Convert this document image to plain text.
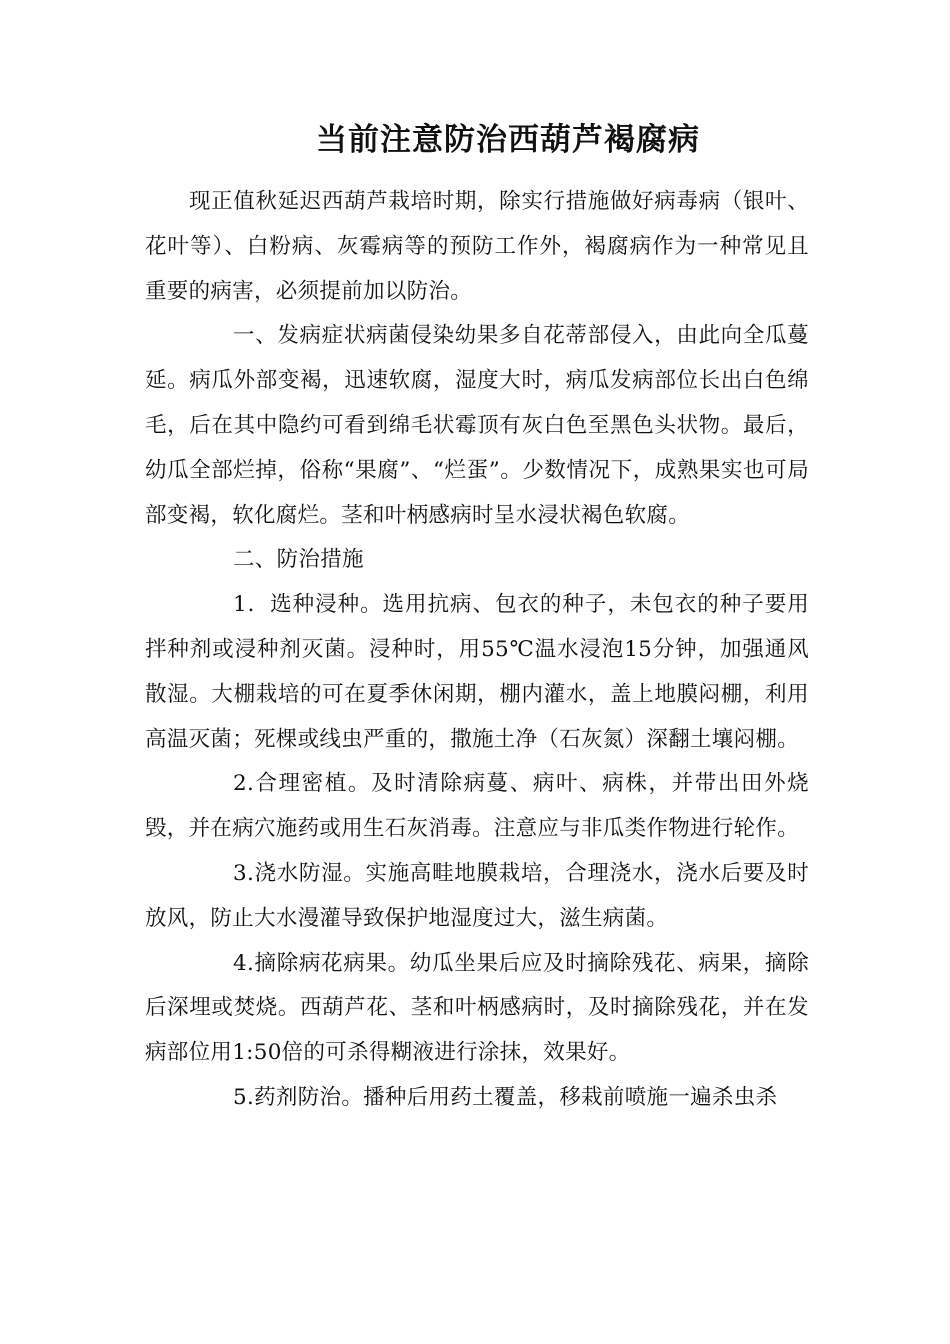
当前注意防治西葫芦褐腐病

现正值秋延迟西葫芦栽培时期，除实行措施做好病毒病（银叶、花叶等）、白粉病、灰霉病等的预防工作外，褐腐病作为一种常见且重要的病害，必须提前加以防治。

一、发病症状病菌侵染幼果多自花蒂部侵入，由此向全瓜蔓延。病瓜外部变褐，迅速软腐，湿度大时，病瓜发病部位长出白色绵毛，后在其中隐约可看到绵毛状霉顶有灰白色至黑色头状物。最后，幼瓜全部烂掉，俗称“果腐”、“烂蛋”。少数情况下，成熟果实也可局部变褐，软化腐烂。茎和叶柄感病时呈水浸状褐色软腐。

二、防治措施

1．选种浸种。选用抗病、包衣的种子，未包衣的种子要用拌种剂或浸种剂灭菌。浸种时，用55℃温水浸泡15分钟，加强通风散湿。大棚栽培的可在夏季休闲期，棚内灌水，盖上地膜闷棚，利用高温灭菌；死棵或线虫严重的，撒施土净（石灰氮）深翻土壤闷棚。

2.合理密植。及时清除病蔓、病叶、病株，并带出田外烧毁，并在病穴施药或用生石灰消毒。注意应与非瓜类作物进行轮作。

3.浇水防湿。实施高畦地膜栽培，合理浇水，浇水后要及时放风，防止大水漫灌导致保护地湿度过大，滋生病菌。

4.摘除病花病果。幼瓜坐果后应及时摘除残花、病果，摘除后深埋或焚烧。西葫芦花、茎和叶柄感病时，及时摘除残花，并在发病部位用1:50倍的可杀得糊液进行涂抹，效果好。

5.药剂防治。播种后用药土覆盖，移栽前喷施一遍杀虫杀
